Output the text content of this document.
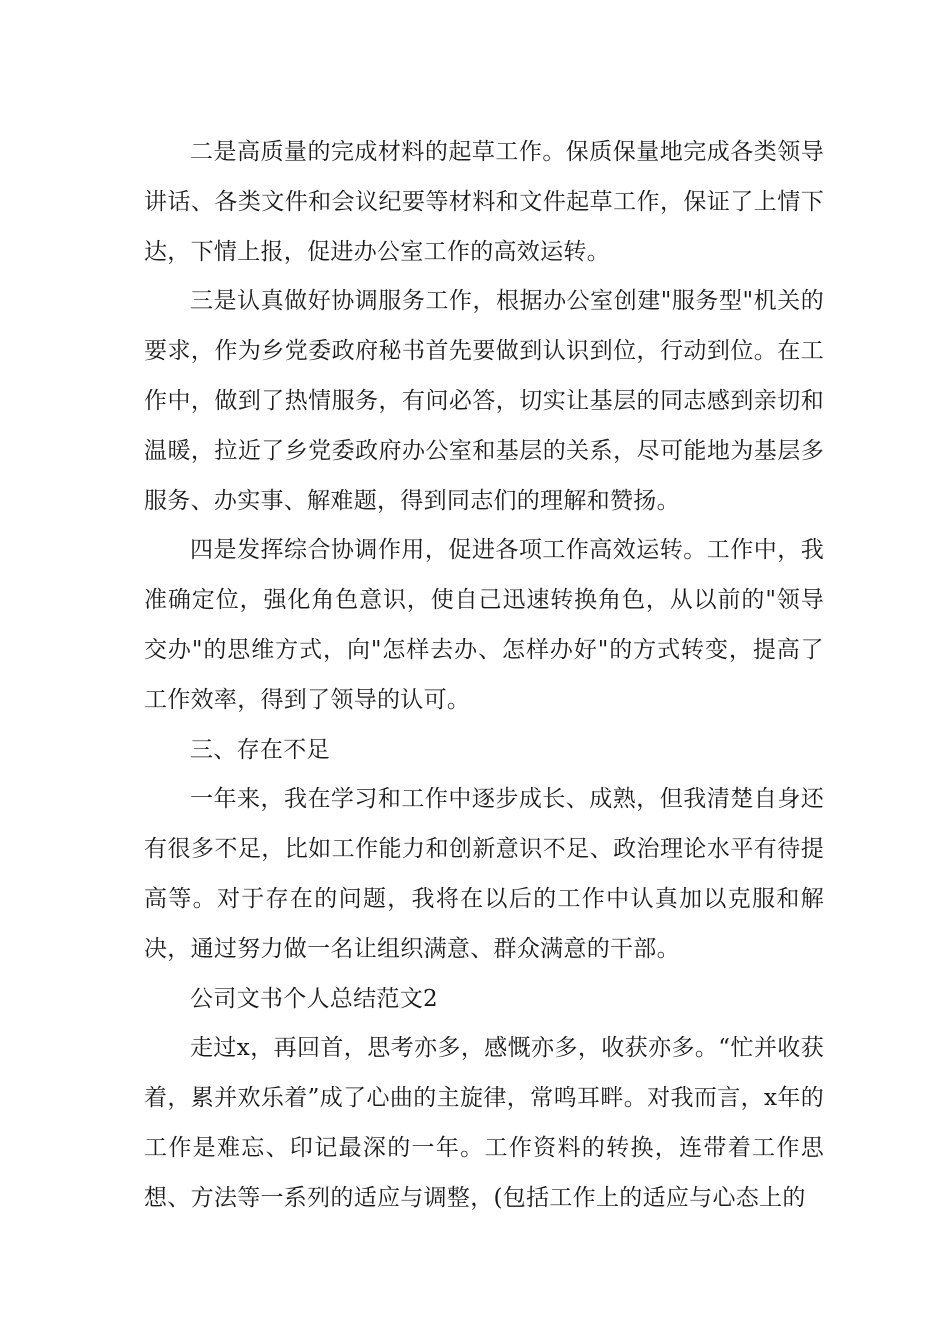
二是高质量的完成材料的起草工作。保质保量地完成各类领导讲话、各类文件和会议纪要等材料和文件起草工作，保证了上情下达，下情上报，促进办公室工作的高效运转。

三是认真做好协调服务工作，根据办公室创建"服务型"机关的要求，作为乡党委政府秘书首先要做到认识到位，行动到位。在工作中，做到了热情服务，有问必答，切实让基层的同志感到亲切和温暖，拉近了乡党委政府办公室和基层的关系，尽可能地为基层多服务、办实事、解难题，得到同志们的理解和赞扬。

四是发挥综合协调作用，促进各项工作高效运转。工作中，我准确定位，强化角色意识，使自己迅速转换角色，从以前的"领导交办"的思维方式，向"怎样去办、怎样办好"的方式转变，提高了工作效率，得到了领导的认可。

三、存在不足

一年来，我在学习和工作中逐步成长、成熟，但我清楚自身还有很多不足，比如工作能力和创新意识不足、政治理论水平有待提高等。对于存在的问题，我将在以后的工作中认真加以克服和解决，通过努力做一名让组织满意、群众满意的干部。

公司文书个人总结范文2

走过x，再回首，思考亦多，感慨亦多，收获亦多。“忙并收获着，累并欢乐着”成了心曲的主旋律，常鸣耳畔。对我而言，x年的工作是难忘、印记最深的一年。工作资料的转换，连带着工作思想、方法等一系列的适应与调整，(包括工作上的适应与心态上的
